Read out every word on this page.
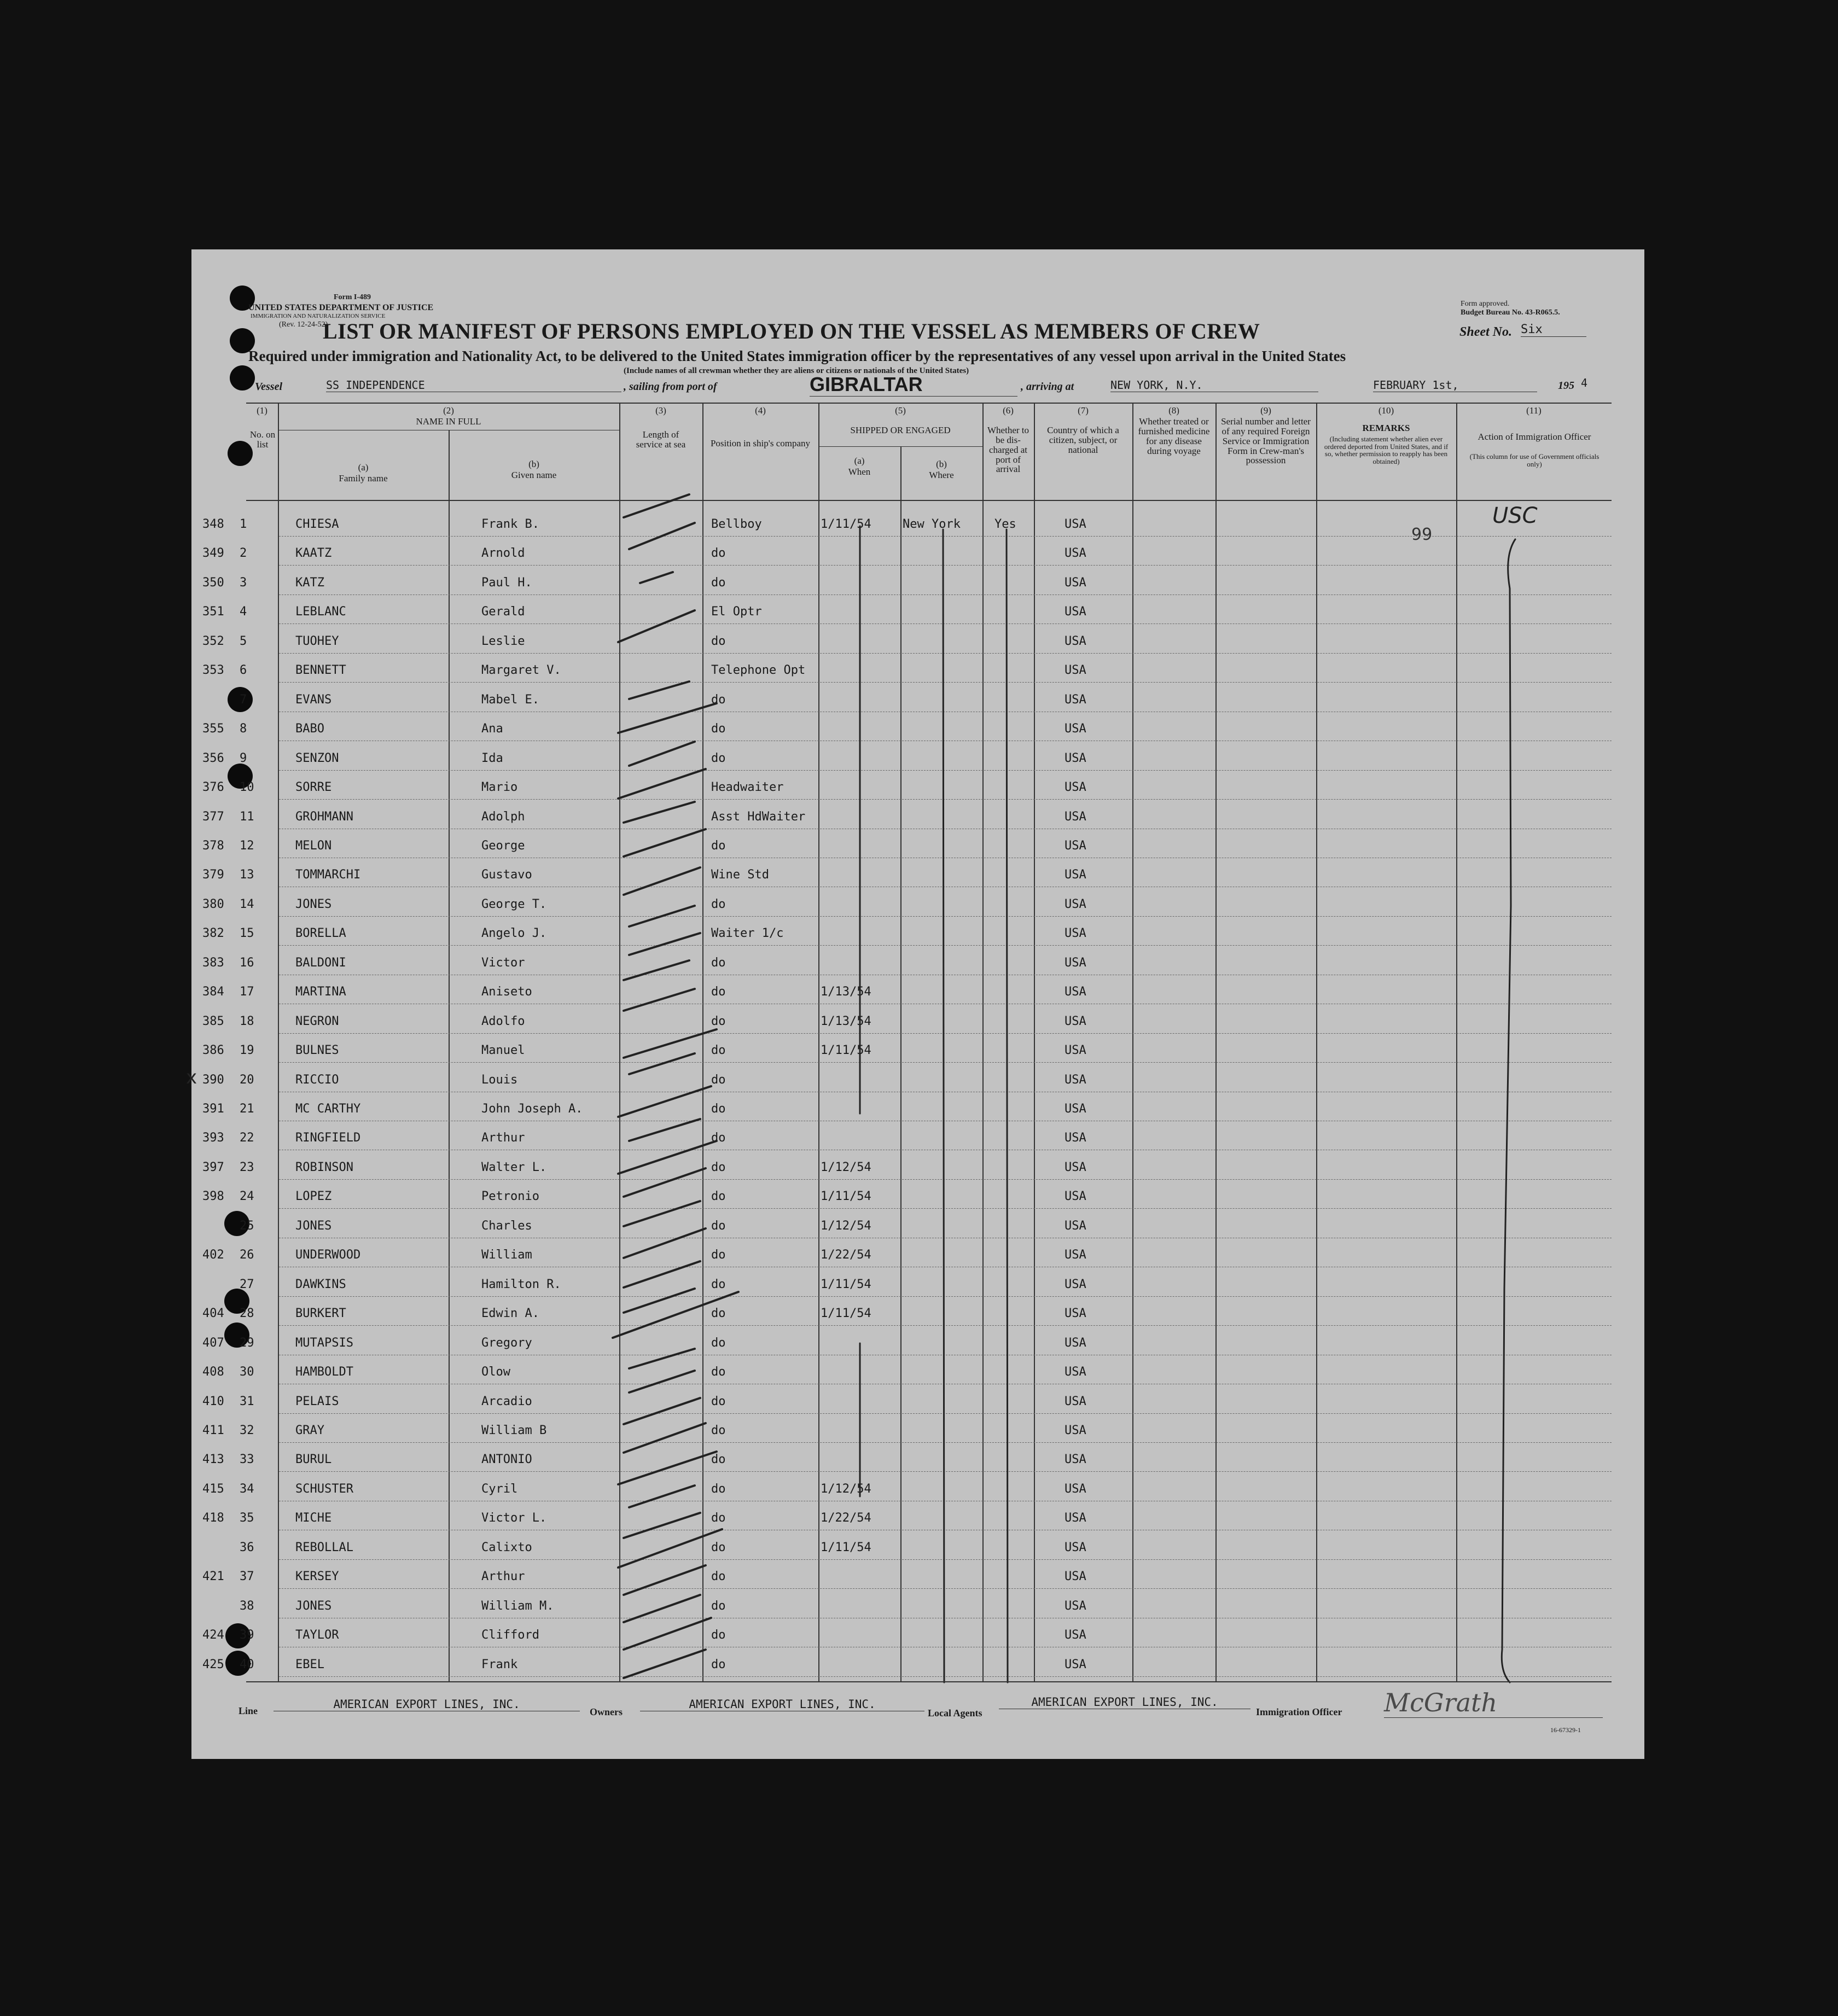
Form I-489
UNITED STATES DEPARTMENT OF JUSTICE
IMMIGRATION AND NATURALIZATION SERVICE
(Rev. 12-24-52)
Form approved.
Budget Bureau No. 43-R065.5.
LIST OR MANIFEST OF PERSONS EMPLOYED ON THE VESSEL AS MEMBERS OF CREW	Sheet No. Six
Required under immigration and Nationality Act, to be delivered to the United States immigration officer by the representatives of any vessel upon arrival in the United States
(Include names of all crewman whether they are aliens or citizens or nationals of the United States)
Vessel	SS INDEPENDENCE	, sailing from port of	GIBRALTAR	, arriving at	NEW YORK, N.Y.	FEBRUARY 1st,	195 4
(1)
No. on list
(2)
NAME IN FULL
(a)
Family name
(b)
Given name
(3)
Length of service at sea
(4)
Position in ship's company
(5)
SHIPPED OR ENGAGED
(a)
When
(b)
Where
(6)
Whether to be dis-charged at port of arrival
(7)
Country of which a citizen, subject, or national
(8)
Whether treated or furnished medicine for any disease during voyage
(9)
Serial number and letter of any required Foreign Service or Immigration Form in Crew-man's possession
(10)
REMARKS
(Including statement whether alien ever ordered deported from United States, and if so, whether permission to reapply has been obtained)
(11)
Action of Immigration Officer
(This column for use of Government officials only)
348 1	CHIESA	Frank B.	Bellboy	1/11/54	New York	Yes	USA
349 2	KAATZ	Arnold	do	USA
350 3	KATZ	Paul H.	do	USA
351 4	LEBLANC	Gerald	El Optr	USA
352 5	TUOHEY	Leslie	do	USA
353 6	BENNETT	Margaret V.	Telephone Opt	USA
7	EVANS	Mabel E.	do	USA
355 8	BABO	Ana	do	USA
356 9	SENZON	Ida	do	USA
376 10	SORRE	Mario	Headwaiter	USA
377 11	GROHMANN	Adolph	Asst HdWaiter	USA
378 12	MELON	George	do	USA
379 13	TOMMARCHI	Gustavo	Wine Std	USA
380 14	JONES	George T.	do	USA
382 15	BORELLA	Angelo J.	Waiter 1/c	USA
383 16	BALDONI	Victor	do	USA
384 17	MARTINA	Aniseto	do	1/13/54	USA
385 18	NEGRON	Adolfo	do	1/13/54	USA
386 19	BULNES	Manuel	do	1/11/54	USA
390 20	RICCIO	Louis	do	USA
391 21	MC CARTHY	John Joseph A.	do	USA
393 22	RINGFIELD	Arthur	do	USA
397 23	ROBINSON	Walter L.	do	1/12/54	USA
398 24	LOPEZ	Petronio	do	1/11/54	USA
25	JONES	Charles	do	1/12/54	USA
402 26	UNDERWOOD	William	do	1/22/54	USA
27	DAWKINS	Hamilton R.	do	1/11/54	USA
404 28	BURKERT	Edwin A.	do	1/11/54	USA
407 29	MUTAPSIS	Gregory	do	USA
408 30	HAMBOLDT	Olow	do	USA
410 31	PELAIS	Arcadio	do	USA
411 32	GRAY	William B	do	USA
413 33	BURUL	ANTONIO	do	USA
415 34	SCHUSTER	Cyril	do	1/12/54	USA
418 35	MICHE	Victor L.	do	1/22/54	USA
36	REBOLLAL	Calixto	do	1/11/54	USA
421 37	KERSEY	Arthur	do	USA
38	JONES	William M.	do	USA
424 39	TAYLOR	Clifford	do	USA
425 40	EBEL	Frank	do	USA
99
USC
x
Line	AMERICAN EXPORT LINES, INC.
Owners
AMERICAN EXPORT LINES, INC.
Local Agents
AMERICAN EXPORT LINES, INC.
Immigration Officer McGrath
16-67329-1
